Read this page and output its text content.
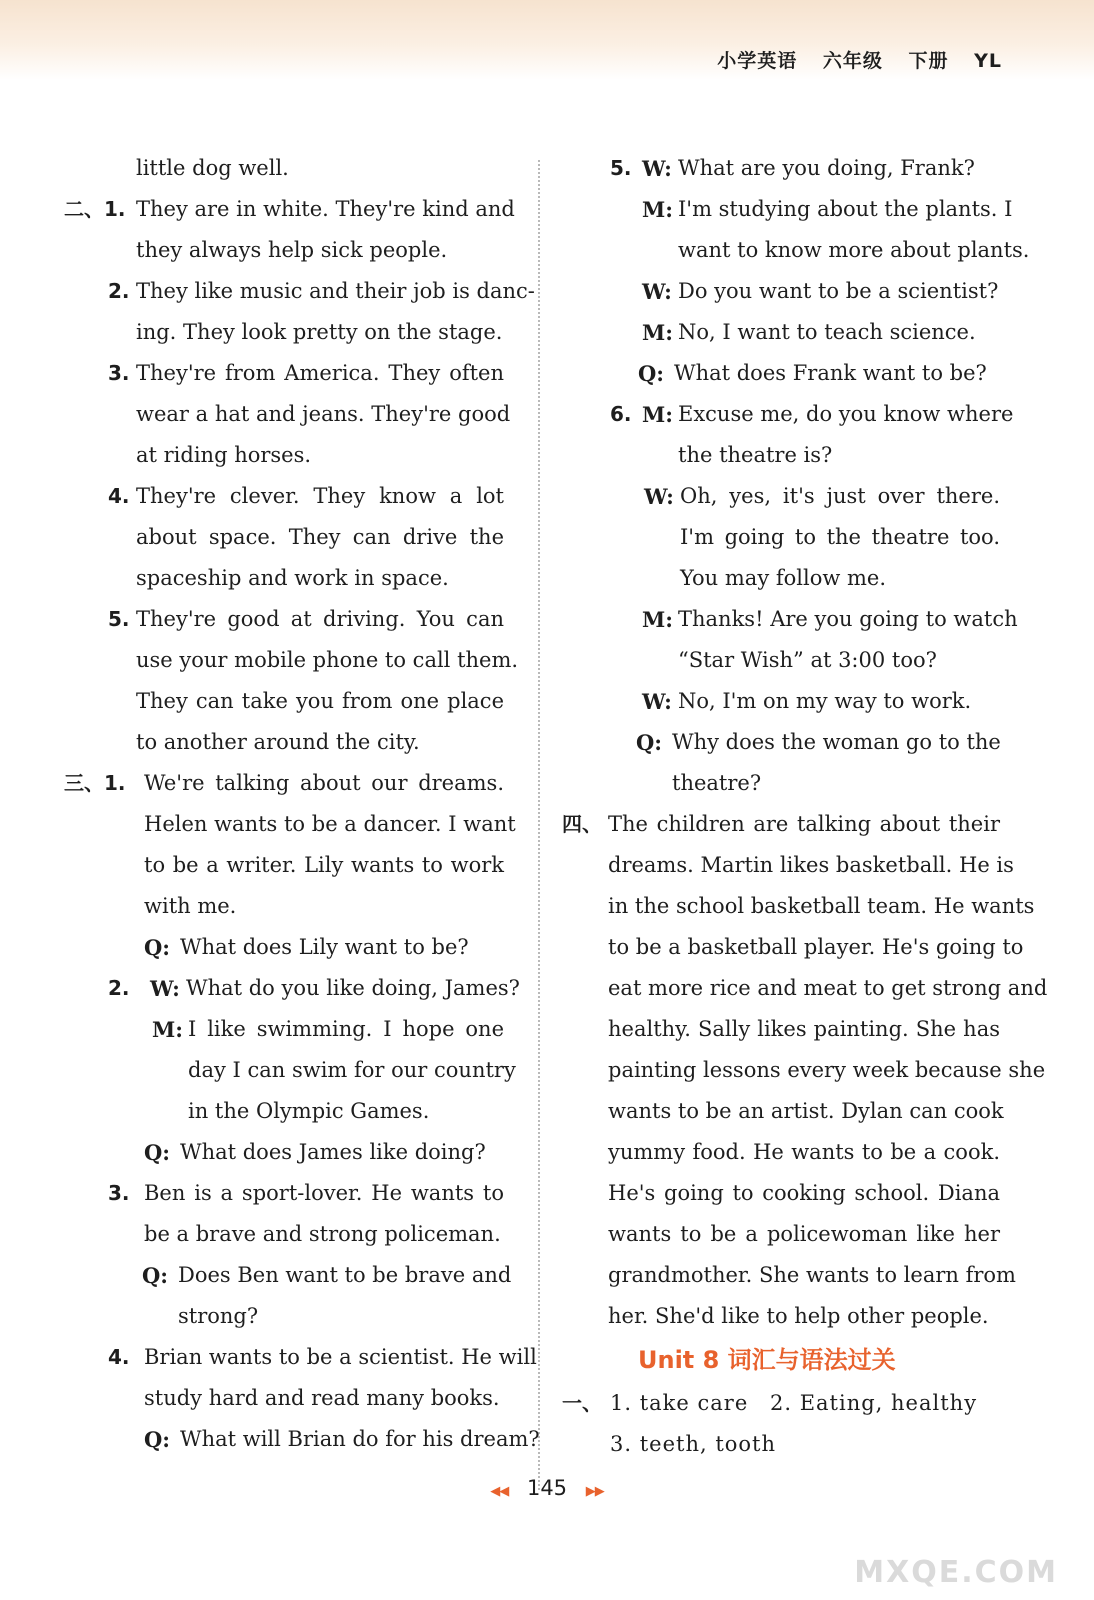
小学英语 六年级 下册 YL
little dog well.
二、1. They are in white. They're kind and
they always help sick people.
2. They like music and their job is danc-
ing. They look pretty on the stage.
3. They're from America. They often
wear a hat and jeans. They're good
at riding horses.
4. They're clever. They know a lot
about space. They can drive the
spaceship and work in space.
5. They're good at driving. You can
use your mobile phone to call them.
They can take you from one place
to another around the city.
三、1. We're talking about our dreams.
Helen wants to be a dancer. I want
to be a writer. Lily wants to work
with me.
Q: What does Lily want to be?
2. W: What do you like doing, James?
M: I like swimming. I hope one
day I can swim for our country
in the Olympic Games.
Q: What does James like doing?
3. Ben is a sport-lover. He wants to
be a brave and strong policeman.
Q: Does Ben want to be brave and
strong?
4. Brian wants to be a scientist. He will
study hard and read many books.
Q: What will Brian do for his dream?
5. W: What are you doing, Frank?
M: I'm studying about the plants. I
want to know more about plants.
W: Do you want to be a scientist?
M: No, I want to teach science.
Q: What does Frank want to be?
6. M: Excuse me, do you know where
the theatre is?
W: Oh, yes, it's just over there.
I'm going to the theatre too.
You may follow me.
M: Thanks! Are you going to watch
“Star Wish” at 3:00 too?
W: No, I'm on my way to work.
Q: Why does the woman go to the
theatre?
四、 The children are talking about their
dreams. Martin likes basketball. He is
in the school basketball team. He wants
to be a basketball player. He's going to
eat more rice and meat to get strong and
healthy. Sally likes painting. She has
painting lessons every week because she
wants to be an artist. Dylan can cook
yummy food. He wants to be a cook.
He's going to cooking school. Diana
wants to be a policewoman like her
grandmother. She wants to learn from
her. She'd like to help other people.
Unit 8 词汇与语法过关
一、 1. take care 2. Eating, healthy
3. teeth, tooth
◀◀ 145 ▶▶
MXQE.COM
